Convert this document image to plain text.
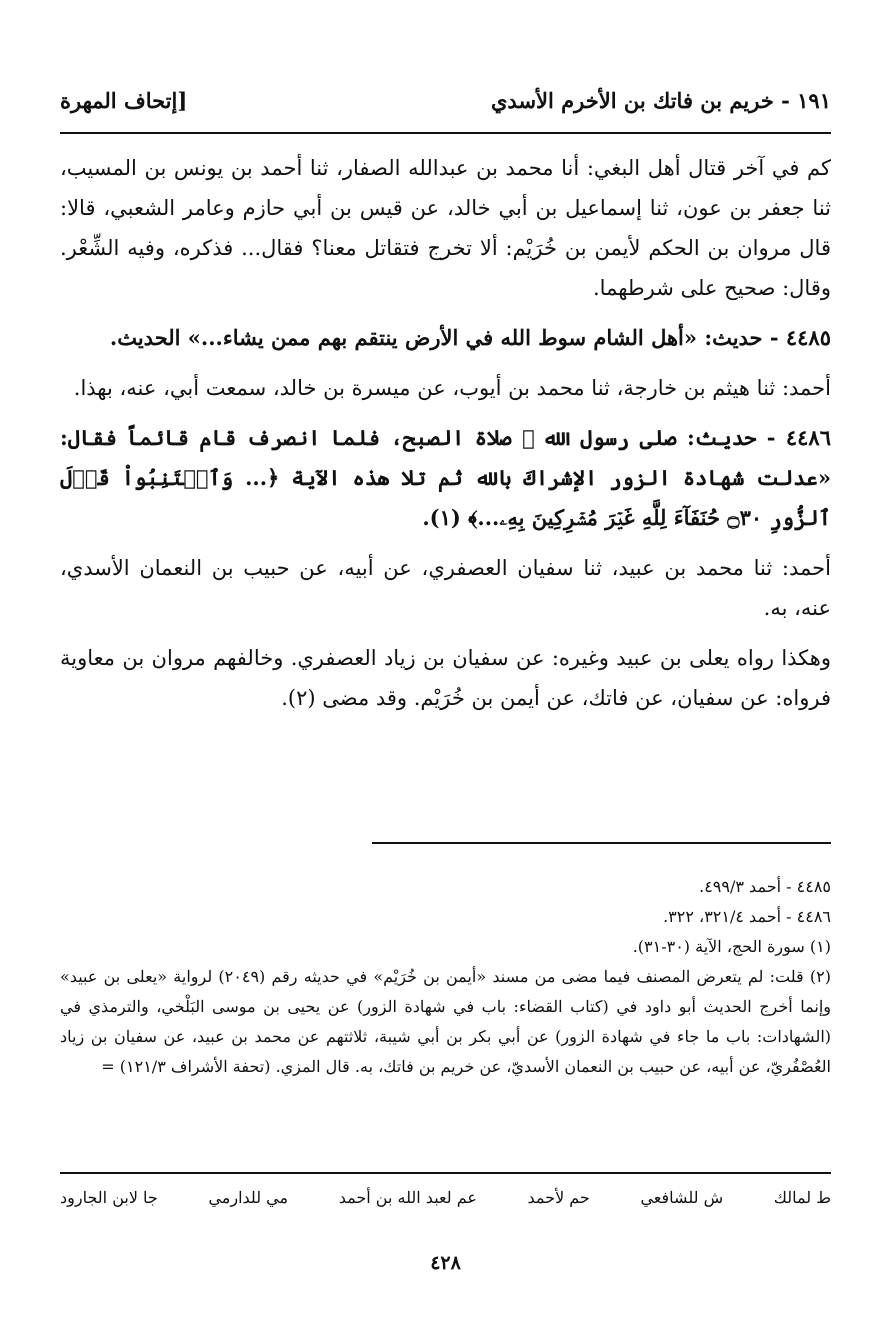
١٩١ - خريم بن فاتك بن الأخرم الأسدي
[إتحاف المهرة

كم في آخر قتال أهل البغي: أنا محمد بن عبدالله الصفار، ثنا أحمد بن يونس بن المسيب، ثنا جعفر بن عون، ثنا إسماعيل بن أبي خالد، عن قيس بن أبي حازم وعامر الشعبي، قالا: قال مروان بن الحكم لأيمن بن خُرَيْم: ألا تخرج فتقاتل معنا؟ فقال... فذكره، وفيه الشِّعْر. وقال: صحيح على شرطهما.

٤٤٨٥ - حديث: «أهل الشام سوط الله في الأرض ينتقم بهم ممن يشاء...» الحديث.

أحمد: ثنا هيثم بن خارجة، ثنا محمد بن أيوب، عن ميسرة بن خالد، سمعت أبي، عنه، بهذا.

٤٤٨٦ - حديث: صلى رسول الله ﷺ صلاة الصبح، فلما انصرف قام قائماً فقال: «عدلت شهادة الزور الإشراكَ بالله ثم تلا هذه الآية ﴿... وَٱجۡتَنِبُواْ قَوۡلَ ٱلزُّورِ ۝٣٠ حُنَفَآءَ لِلَّهِ غَيۡرَ مُشۡرِكِينَ بِهِۦ...﴾ (١).

أحمد: ثنا محمد بن عبيد، ثنا سفيان العصفري، عن أبيه، عن حبيب بن النعمان الأسدي، عنه، به.

وهكذا رواه يعلى بن عبيد وغيره: عن سفيان بن زياد العصفري. وخالفهم مروان بن معاوية فرواه: عن سفيان، عن فاتك، عن أيمن بن خُرَيْم. وقد مضى (٢).

٤٤٨٥ - أحمد ٤٩٩/٣.
٤٤٨٦ - أحمد ٣٢١/٤، ٣٢٢.
(١) سورة الحج، الآية (٣٠-٣١).
(٢) قلت: لم يتعرض المصنف فيما مضى من مسند «أيمن بن خُرَيْم» في حديثه رقم (٢٠٤٩) لرواية «يعلى بن عبيد» وإنما أخرج الحديث أبو داود في (كتاب القضاء: باب في شهادة الزور) عن يحيى بن موسى البَلْخي، والترمذي في (الشهادات: باب ما جاء في شهادة الزور) عن أبي بكر بن أبي شيبة، ثلاثتهم عن محمد بن عبيد، عن سفيان بن زياد العُصْفُريّ، عن أبيه، عن حبيب بن النعمان الأسديّ، عن خريم بن فاتك، به. قال المزي. (تحفة الأشراف ١٢١/٣) =
ط لمالك
ش للشافعي
حم لأحمد
عم لعبد الله بن أحمد
مي للدارمي
جا لابن الجارود
٤٢٨
